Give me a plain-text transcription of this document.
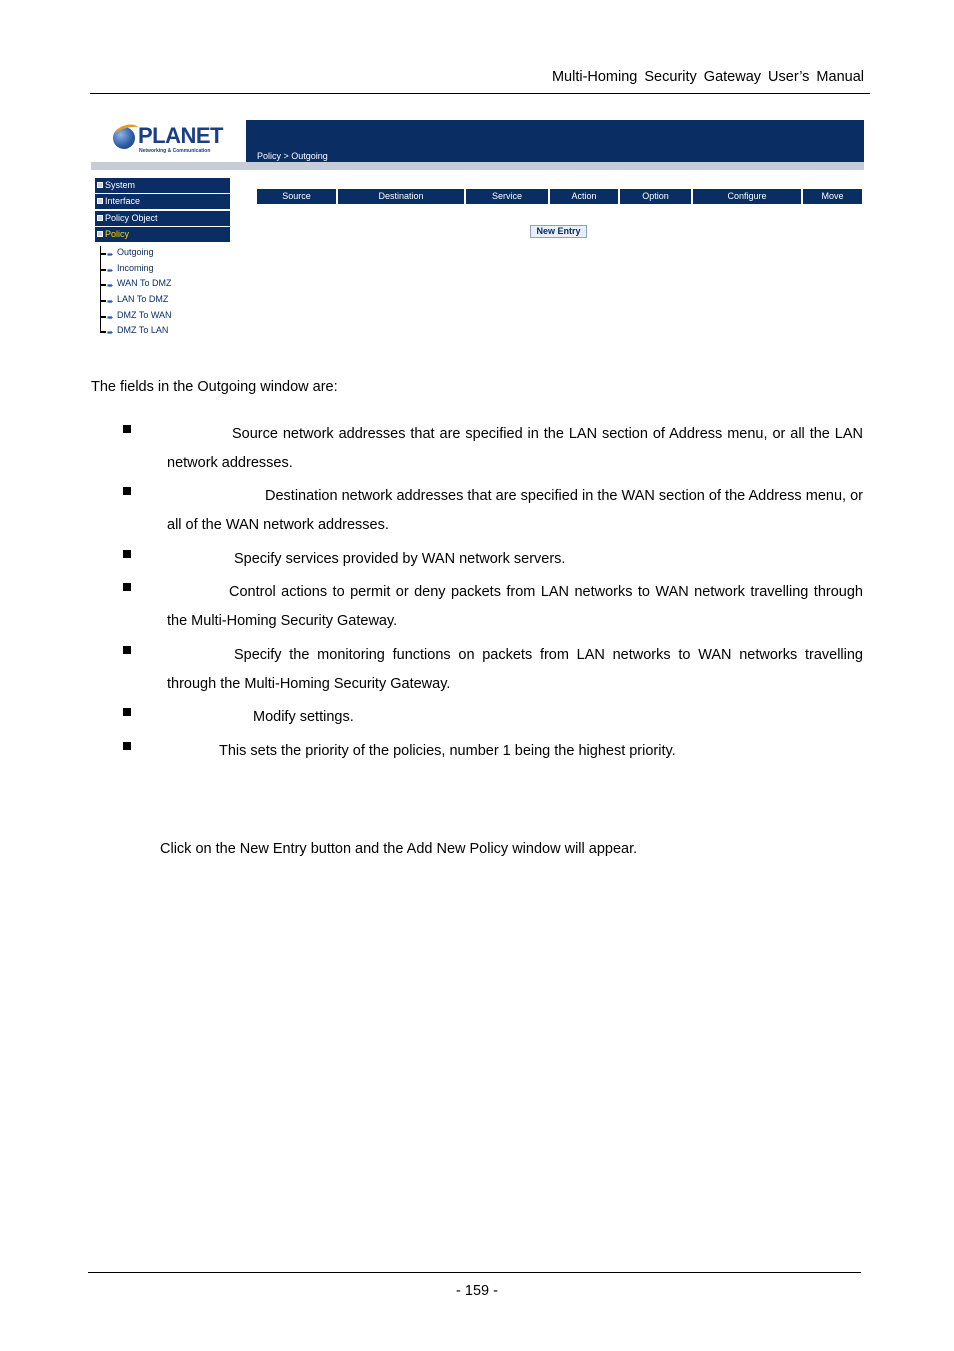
Multi-Homing Security Gateway User’s Manual
PLANET
Networking & Communication	Policy > Outgoing
System
Interface
Policy Object
Policy
➨ Outgoing
➨ Incoming
➨ WAN To DMZ
➨ LAN To DMZ
➨ DMZ To WAN
➨ DMZ To LAN
Source	Destination	Service	Action	Option	Configure	Move
New Entry
The fields in the Outgoing window are:
Source network addresses that are specified in the LAN section of Address menu, or all the LAN network addresses.
Destination network addresses that are specified in the WAN section of the Address menu, or all of the WAN network addresses.
Specify services provided by WAN network servers.
Control actions to permit or deny packets from LAN networks to WAN network travelling through the Multi-Homing Security Gateway.
Specify the monitoring functions on packets from LAN networks to WAN networks travelling through the Multi-Homing Security Gateway.
Modify settings.
This sets the priority of the policies, number 1 being the highest priority.
Click on the New Entry button and the Add New Policy window will appear.
- 159 -
